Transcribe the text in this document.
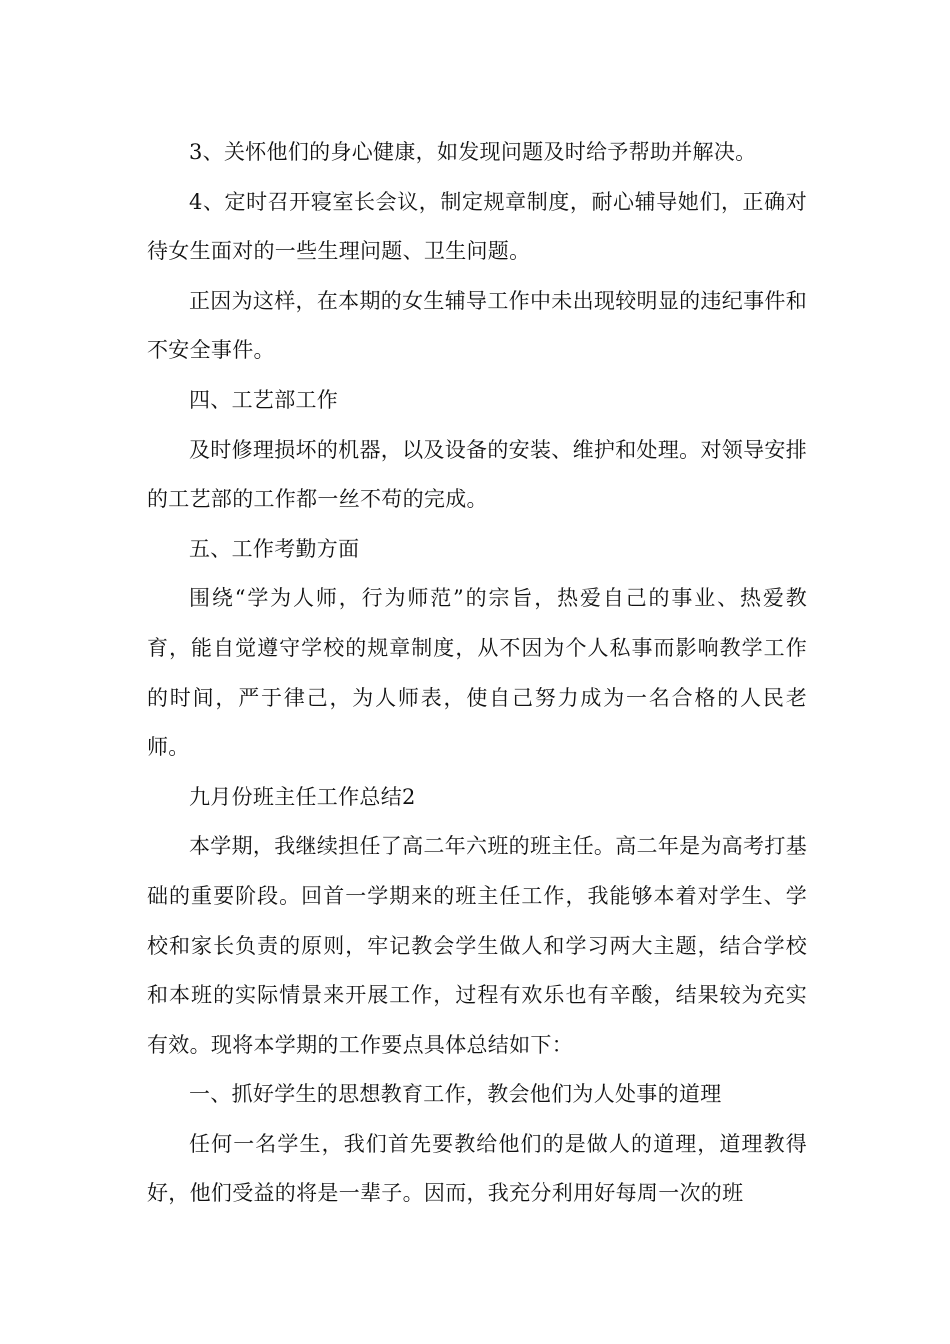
3、关怀他们的身心健康，如发现问题及时给予帮助并解决。

4、定时召开寝室长会议，制定规章制度，耐心辅导她们，正确对待女生面对的一些生理问题、卫生问题。

正因为这样，在本期的女生辅导工作中未出现较明显的违纪事件和不安全事件。

四、工艺部工作

及时修理损坏的机器，以及设备的安装、维护和处理。对领导安排的工艺部的工作都一丝不苟的完成。

五、工作考勤方面

围绕“学为人师，行为师范”的宗旨，热爱自己的事业、热爱教育，能自觉遵守学校的规章制度，从不因为个人私事而影响教学工作的时间，严于律己，为人师表，使自己努力成为一名合格的人民老师。

九月份班主任工作总结2

本学期，我继续担任了高二年六班的班主任。高二年是为高考打基础的重要阶段。回首一学期来的班主任工作，我能够本着对学生、学校和家长负责的原则，牢记教会学生做人和学习两大主题，结合学校和本班的实际情景来开展工作，过程有欢乐也有辛酸，结果较为充实有效。现将本学期的工作要点具体总结如下：

一、抓好学生的思想教育工作，教会他们为人处事的道理

任何一名学生，我们首先要教给他们的是做人的道理，道理教得好，他们受益的将是一辈子。因而，我充分利用好每周一次的班
